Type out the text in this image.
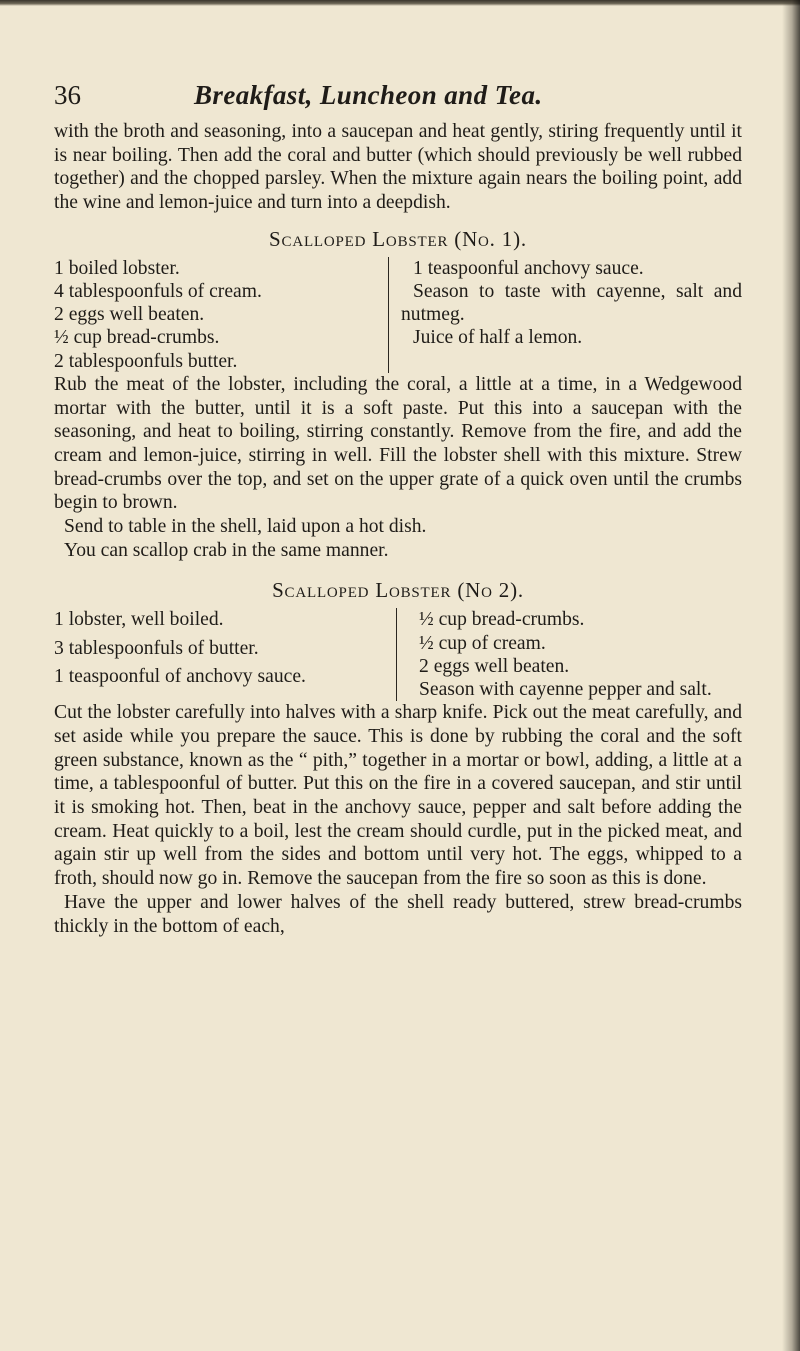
36	Breakfast, Luncheon and Tea.

with the broth and seasoning, into a saucepan and heat gently, stiring frequently until it is near boiling. Then add the coral and butter (which should previously be well rubbed together) and the chopped parsley. When the mixture again nears the boiling point, add the wine and lemon-juice and turn into a deepdish.

Scalloped Lobster (No. 1).
1 boiled lobster.
4 tablespoonfuls of cream.
2 eggs well beaten.
½ cup bread-crumbs.
2 tablespoonfuls butter.
1 teaspoonful anchovy sauce.
Season to taste with cayenne, salt and nutmeg.
Juice of half a lemon.

Rub the meat of the lobster, including the coral, a little at a time, in a Wedgewood mortar with the butter, until it is a soft paste. Put this into a saucepan with the seasoning, and heat to boiling, stirring constantly. Remove from the fire, and add the cream and lemon-juice, stirring in well. Fill the lobster shell with this mixture. Strew bread-crumbs over the top, and set on the upper grate of a quick oven until the crumbs begin to brown.

Send to table in the shell, laid upon a hot dish.

You can scallop crab in the same manner.

Scalloped Lobster (No 2).
1 lobster, well boiled.
3 tablespoonfuls of butter.
1 teaspoonful of anchovy sauce.
½ cup bread-crumbs.
½ cup of cream.
2 eggs well beaten.
Season with cayenne pepper and salt.

Cut the lobster carefully into halves with a sharp knife. Pick out the meat carefully, and set aside while you prepare the sauce. This is done by rubbing the coral and the soft green substance, known as the “ pith,” together in a mortar or bowl, adding, a little at a time, a tablespoonful of butter. Put this on the fire in a covered saucepan, and stir until it is smoking hot. Then, beat in the anchovy sauce, pepper and salt before adding the cream. Heat quickly to a boil, lest the cream should curdle, put in the picked meat, and again stir up well from the sides and bottom until very hot. The eggs, whipped to a froth, should now go in. Remove the saucepan from the fire so soon as this is done.

Have the upper and lower halves of the shell ready buttered, strew bread-crumbs thickly in the bottom of each,
